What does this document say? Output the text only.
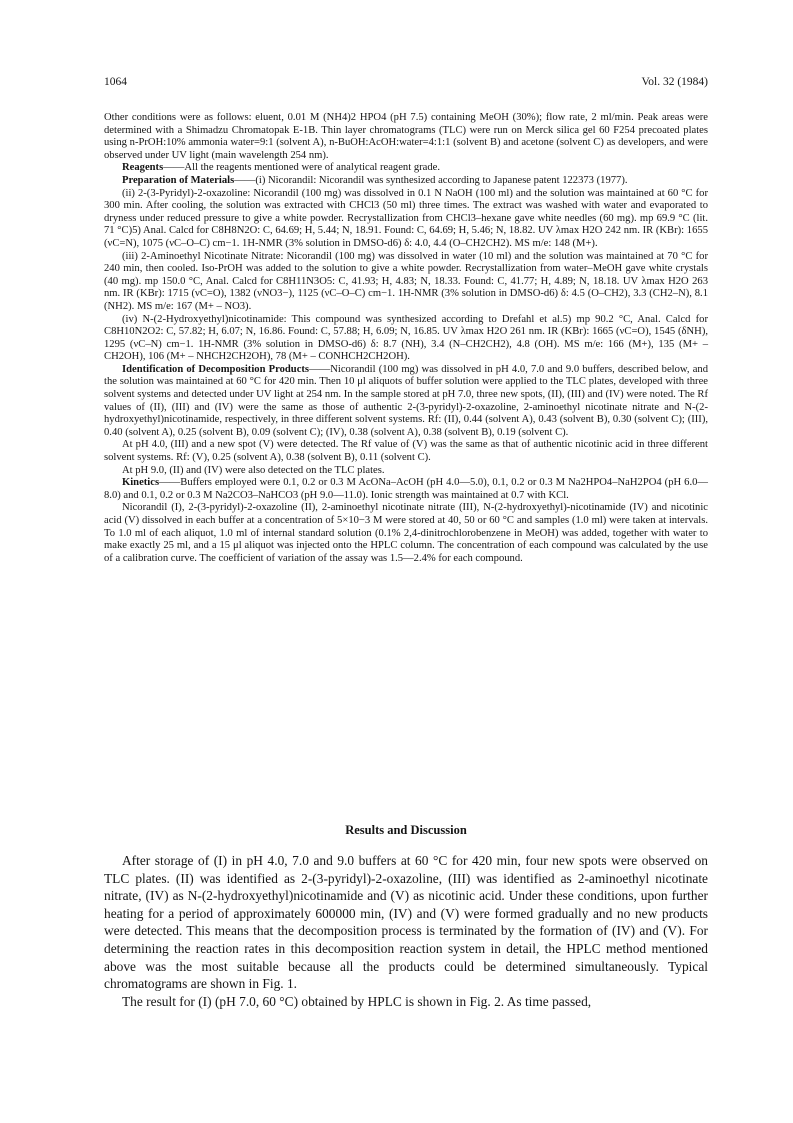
1064	Vol. 32 (1984)

Other conditions were as follows: eluent, 0.01 M (NH4)2 HPO4 (pH 7.5) containing MeOH (30%); flow rate, 2 ml/min. Peak areas were determined with a Shimadzu Chromatopak E-1B. Thin layer chromatograms (TLC) were run on Merck silica gel 60 F254 precoated plates using n-PrOH:10% ammonia water=9:1 (solvent A), n-BuOH:AcOH:water=4:1:1 (solvent B) and acetone (solvent C) as developers, and were observed under UV light (main wavelength 254 nm).

Reagents——All the reagents mentioned were of analytical reagent grade.

Preparation of Materials——(i) Nicorandil: Nicorandil was synthesized according to Japanese patent 122373 (1977).

(ii) 2-(3-Pyridyl)-2-oxazoline: Nicorandil (100 mg) was dissolved in 0.1 N NaOH (100 ml) and the solution was maintained at 60 °C for 300 min. After cooling, the solution was extracted with CHCl3 (50 ml) three times. The extract was washed with water and evaporated to dryness under reduced pressure to give a white powder. Recrystallization from CHCl3–hexane gave white needles (60 mg). mp 69.9 °C (lit. 71 °C)5) Anal. Calcd for C8H8N2O: C, 64.69; H, 5.44; N, 18.91. Found: C, 64.69; H, 5.46; N, 18.82. UV λmax H2O 242 nm. IR (KBr): 1655 (νC=N), 1075 (νC–O–C) cm−1. 1H-NMR (3% solution in DMSO-d6) δ: 4.0, 4.4 (O–CH2CH2). MS m/e: 148 (M+).

(iii) 2-Aminoethyl Nicotinate Nitrate: Nicorandil (100 mg) was dissolved in water (10 ml) and the solution was maintained at 70 °C for 240 min, then cooled. Iso-PrOH was added to the solution to give a white powder. Recrystallization from water–MeOH gave white crystals (40 mg). mp 150.0 °C, Anal. Calcd for C8H11N3O5: C, 41.93; H, 4.83; N, 18.33. Found: C, 41.77; H, 4.89; N, 18.18. UV λmax H2O 263 nm. IR (KBr): 1715 (νC=O), 1382 (νNO3−), 1125 (νC–O–C) cm−1. 1H-NMR (3% solution in DMSO-d6) δ: 4.5 (O–CH2), 3.3 (CH2–N), 8.1 (NH2). MS m/e: 167 (M+ – NO3).

(iv) N-(2-Hydroxyethyl)nicotinamide: This compound was synthesized according to Drefahl et al.5) mp 90.2 °C, Anal. Calcd for C8H10N2O2: C, 57.82; H, 6.07; N, 16.86. Found: C, 57.88; H, 6.09; N, 16.85. UV λmax H2O 261 nm. IR (KBr): 1665 (νC=O), 1545 (δNH), 1295 (νC–N) cm−1. 1H-NMR (3% solution in DMSO-d6) δ: 8.7 (NH), 3.4 (N–CH2CH2), 4.8 (OH). MS m/e: 166 (M+), 135 (M+ – CH2OH), 106 (M+ – NHCH2CH2OH), 78 (M+ – CONHCH2CH2OH).

Identification of Decomposition Products——Nicorandil (100 mg) was dissolved in pH 4.0, 7.0 and 9.0 buffers, described below, and the solution was maintained at 60 °C for 420 min. Then 10 μl aliquots of buffer solution were applied to the TLC plates, developed with three solvent systems and detected under UV light at 254 nm. In the sample stored at pH 7.0, three new spots, (II), (III) and (IV) were noted. The Rf values of (II), (III) and (IV) were the same as those of authentic 2-(3-pyridyl)-2-oxazoline, 2-aminoethyl nicotinate nitrate and N-(2-hydroxyethyl)nicotinamide, respectively, in three different solvent systems. Rf: (II), 0.44 (solvent A), 0.43 (solvent B), 0.30 (solvent C); (III), 0.40 (solvent A), 0.25 (solvent B), 0.09 (solvent C); (IV), 0.38 (solvent A), 0.38 (solvent B), 0.19 (solvent C).

At pH 4.0, (III) and a new spot (V) were detected. The Rf value of (V) was the same as that of authentic nicotinic acid in three different solvent systems. Rf: (V), 0.25 (solvent A), 0.38 (solvent B), 0.11 (solvent C).

At pH 9.0, (II) and (IV) were also detected on the TLC plates.

Kinetics——Buffers employed were 0.1, 0.2 or 0.3 M AcONa–AcOH (pH 4.0—5.0), 0.1, 0.2 or 0.3 M Na2HPO4–NaH2PO4 (pH 6.0—8.0) and 0.1, 0.2 or 0.3 M Na2CO3–NaHCO3 (pH 9.0—11.0). Ionic strength was maintained at 0.7 with KCl.

Nicorandil (I), 2-(3-pyridyl)-2-oxazoline (II), 2-aminoethyl nicotinate nitrate (III), N-(2-hydroxyethyl)-nicotinamide (IV) and nicotinic acid (V) dissolved in each buffer at a concentration of 5×10−3 M were stored at 40, 50 or 60 °C and samples (1.0 ml) were taken at intervals. To 1.0 ml of each aliquot, 1.0 ml of internal standard solution (0.1% 2,4-dinitrochlorobenzene in MeOH) was added, together with water to make exactly 25 ml, and a 15 μl aliquot was injected onto the HPLC column. The concentration of each compound was calculated by the use of a calibration curve. The coefficient of variation of the assay was 1.5—2.4% for each compound.

Results and Discussion

After storage of (I) in pH 4.0, 7.0 and 9.0 buffers at 60 °C for 420 min, four new spots were observed on TLC plates. (II) was identified as 2-(3-pyridyl)-2-oxazoline, (III) was identified as 2-aminoethyl nicotinate nitrate, (IV) as N-(2-hydroxyethyl)nicotinamide and (V) as nicotinic acid. Under these conditions, upon further heating for a period of approximately 600000 min, (IV) and (V) were formed gradually and no new products were detected. This means that the decomposition process is terminated by the formation of (IV) and (V). For determining the reaction rates in this decomposition reaction system in detail, the HPLC method mentioned above was the most suitable because all the products could be determined simultaneously. Typical chromatograms are shown in Fig. 1.

The result for (I) (pH 7.0, 60 °C) obtained by HPLC is shown in Fig. 2. As time passed,
